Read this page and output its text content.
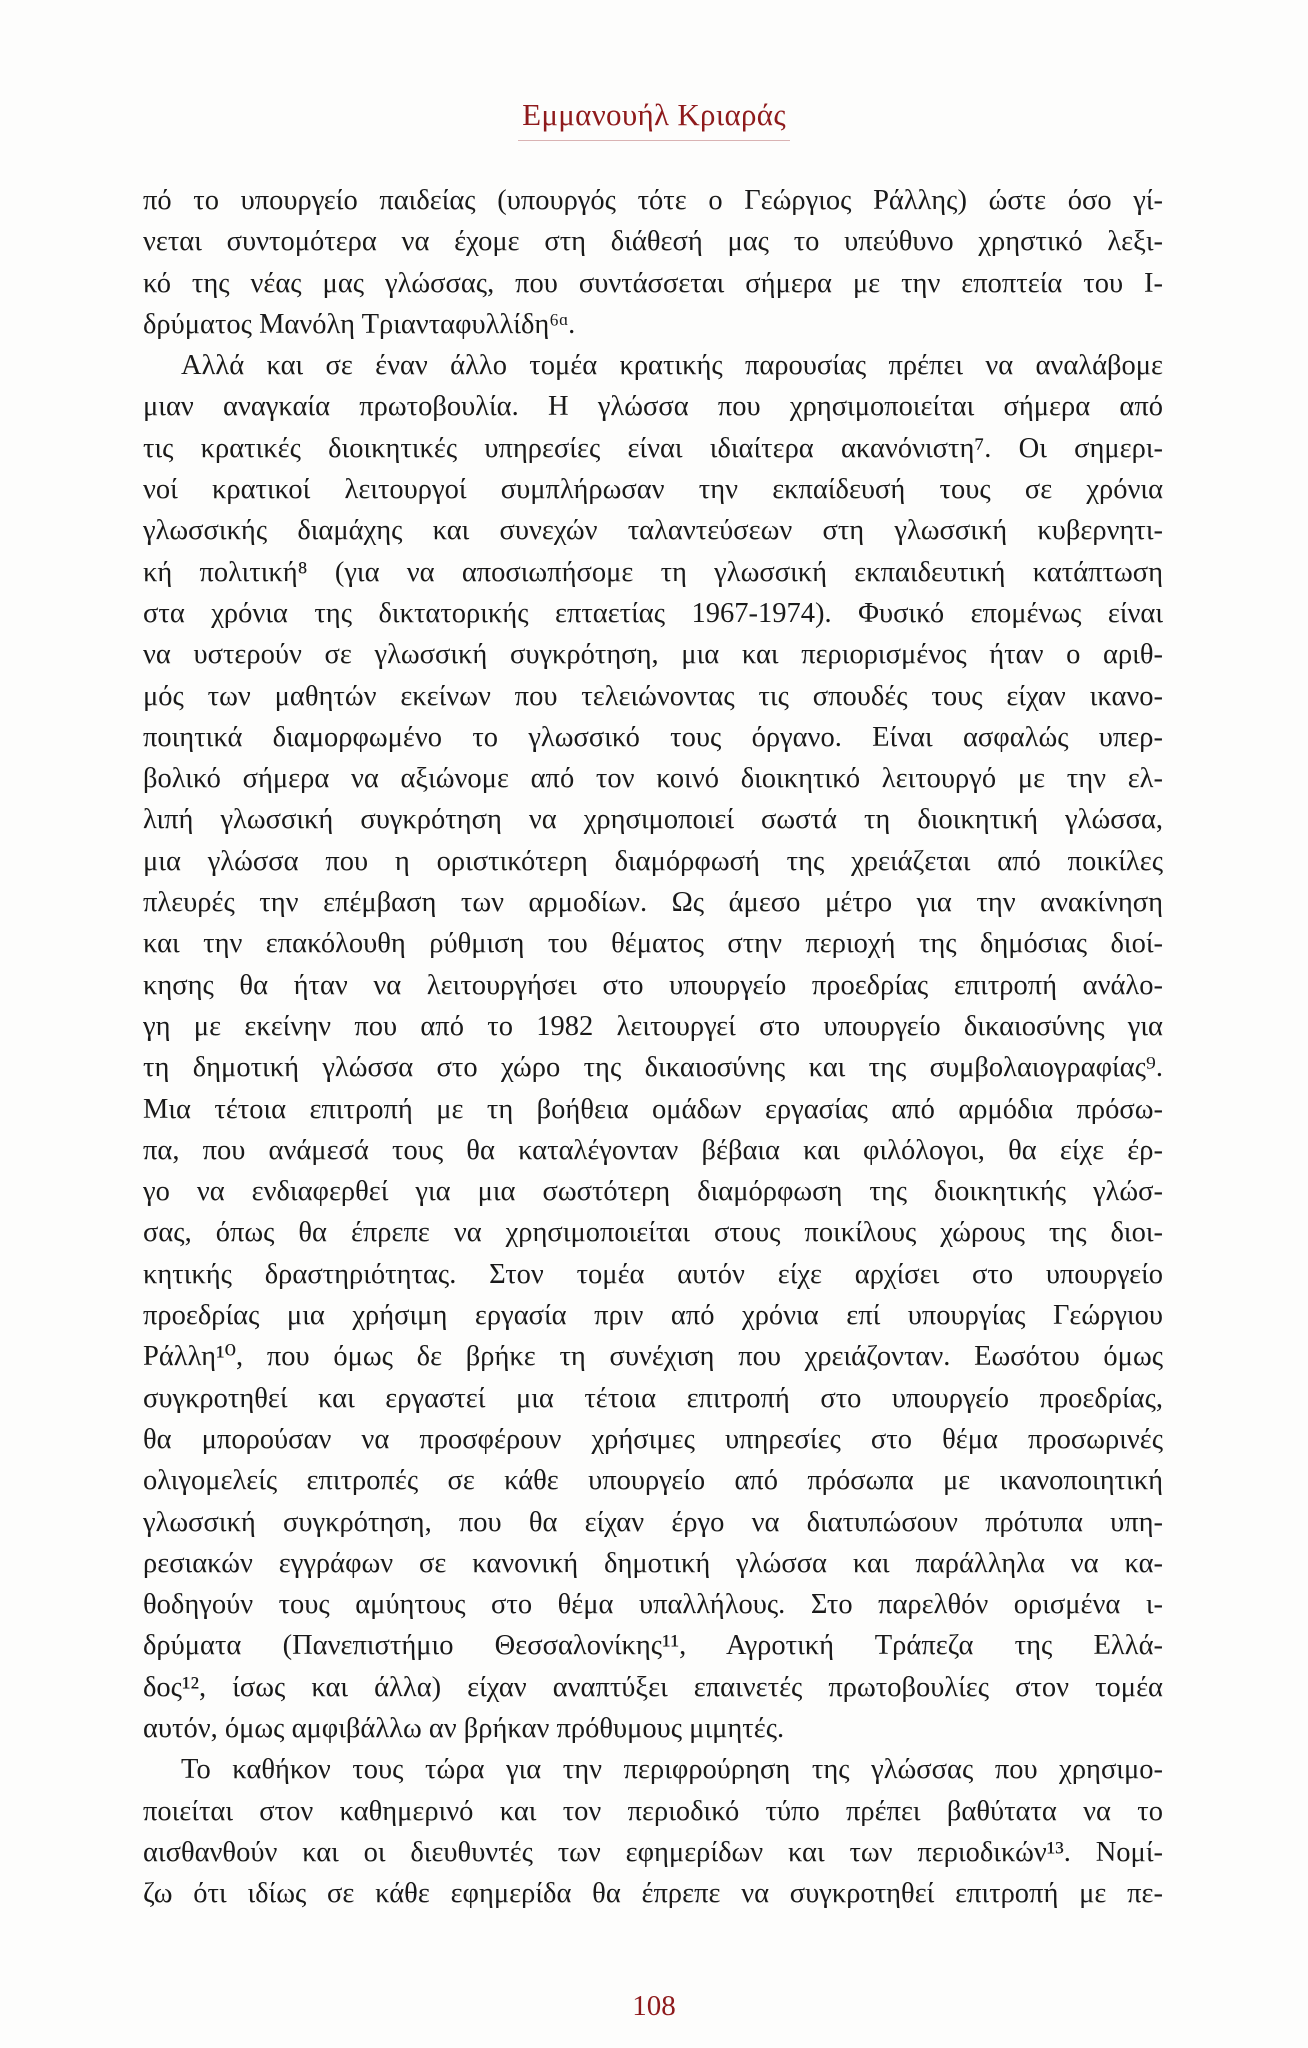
Εμμανουήλ Κριαράς
πό το υπουργείο παιδείας (υπουργός τότε ο Γεώργιος Ράλλης) ώστε όσο γί-
νεται συντομότερα να έχομε στη διάθεσή μας το υπεύθυνο χρηστικό λεξι-
κό της νέας μας γλώσσας, που συντάσσεται σήμερα με την εποπτεία του Ι-
δρύματος Μανόλη Τριανταφυλλίδη⁶ᵅ.
Αλλά και σε έναν άλλο τομέα κρατικής παρουσίας πρέπει να αναλάβομε
μιαν αναγκαία πρωτοβουλία. Η γλώσσα που χρησιμοποιείται σήμερα από
τις κρατικές διοικητικές υπηρεσίες είναι ιδιαίτερα ακανόνιστη⁷. Οι σημερι-
νοί κρατικοί λειτουργοί συμπλήρωσαν την εκπαίδευσή τους σε χρόνια
γλωσσικής διαμάχης και συνεχών ταλαντεύσεων στη γλωσσική κυβερνητι-
κή πολιτική⁸ (για να αποσιωπήσομε τη γλωσσική εκπαιδευτική κατάπτωση
στα χρόνια της δικτατορικής επταετίας 1967-1974). Φυσικό επομένως είναι
να υστερούν σε γλωσσική συγκρότηση, μια και περιορισμένος ήταν ο αριθ-
μός των μαθητών εκείνων που τελειώνοντας τις σπουδές τους είχαν ικανο-
ποιητικά διαμορφωμένο το γλωσσικό τους όργανο. Είναι ασφαλώς υπερ-
βολικό σήμερα να αξιώνομε από τον κοινό διοικητικό λειτουργό με την ελ-
λιπή γλωσσική συγκρότηση να χρησιμοποιεί σωστά τη διοικητική γλώσσα,
μια γλώσσα που η οριστικότερη διαμόρφωσή της χρειάζεται από ποικίλες
πλευρές την επέμβαση των αρμοδίων. Ως άμεσο μέτρο για την ανακίνηση
και την επακόλουθη ρύθμιση του θέματος στην περιοχή της δημόσιας διοί-
κησης θα ήταν να λειτουργήσει στο υπουργείο προεδρίας επιτροπή ανάλο-
γη με εκείνην που από το 1982 λειτουργεί στο υπουργείο δικαιοσύνης για
τη δημοτική γλώσσα στο χώρο της δικαιοσύνης και της συμβολαιογραφίας⁹.
Μια τέτοια επιτροπή με τη βοήθεια ομάδων εργασίας από αρμόδια πρόσω-
πα, που ανάμεσά τους θα καταλέγονταν βέβαια και φιλόλογοι, θα είχε έρ-
γο να ενδιαφερθεί για μια σωστότερη διαμόρφωση της διοικητικής γλώσ-
σας, όπως θα έπρεπε να χρησιμοποιείται στους ποικίλους χώρους της διοι-
κητικής δραστηριότητας. Στον τομέα αυτόν είχε αρχίσει στο υπουργείο
προεδρίας μια χρήσιμη εργασία πριν από χρόνια επί υπουργίας Γεώργιου
Ράλλη¹⁰, που όμως δε βρήκε τη συνέχιση που χρειάζονταν. Εωσότου όμως
συγκροτηθεί και εργαστεί μια τέτοια επιτροπή στο υπουργείο προεδρίας,
θα μπορούσαν να προσφέρουν χρήσιμες υπηρεσίες στο θέμα προσωρινές
ολιγομελείς επιτροπές σε κάθε υπουργείο από πρόσωπα με ικανοποιητική
γλωσσική συγκρότηση, που θα είχαν έργο να διατυπώσουν πρότυπα υπη-
ρεσιακών εγγράφων σε κανονική δημοτική γλώσσα και παράλληλα να κα-
θοδηγούν τους αμύητους στο θέμα υπαλλήλους. Στο παρελθόν ορισμένα ι-
δρύματα (Πανεπιστήμιο Θεσσαλονίκης¹¹, Αγροτική Τράπεζα της Ελλά-
δος¹², ίσως και άλλα) είχαν αναπτύξει επαινετές πρωτοβουλίες στον τομέα
αυτόν, όμως αμφιβάλλω αν βρήκαν πρόθυμους μιμητές.
Το καθήκον τους τώρα για την περιφρούρηση της γλώσσας που χρησιμο-
ποιείται στον καθημερινό και τον περιοδικό τύπο πρέπει βαθύτατα να το
αισθανθούν και οι διευθυντές των εφημερίδων και των περιοδικών¹³. Νομί-
ζω ότι ιδίως σε κάθε εφημερίδα θα έπρεπε να συγκροτηθεί επιτροπή με πε-
108
